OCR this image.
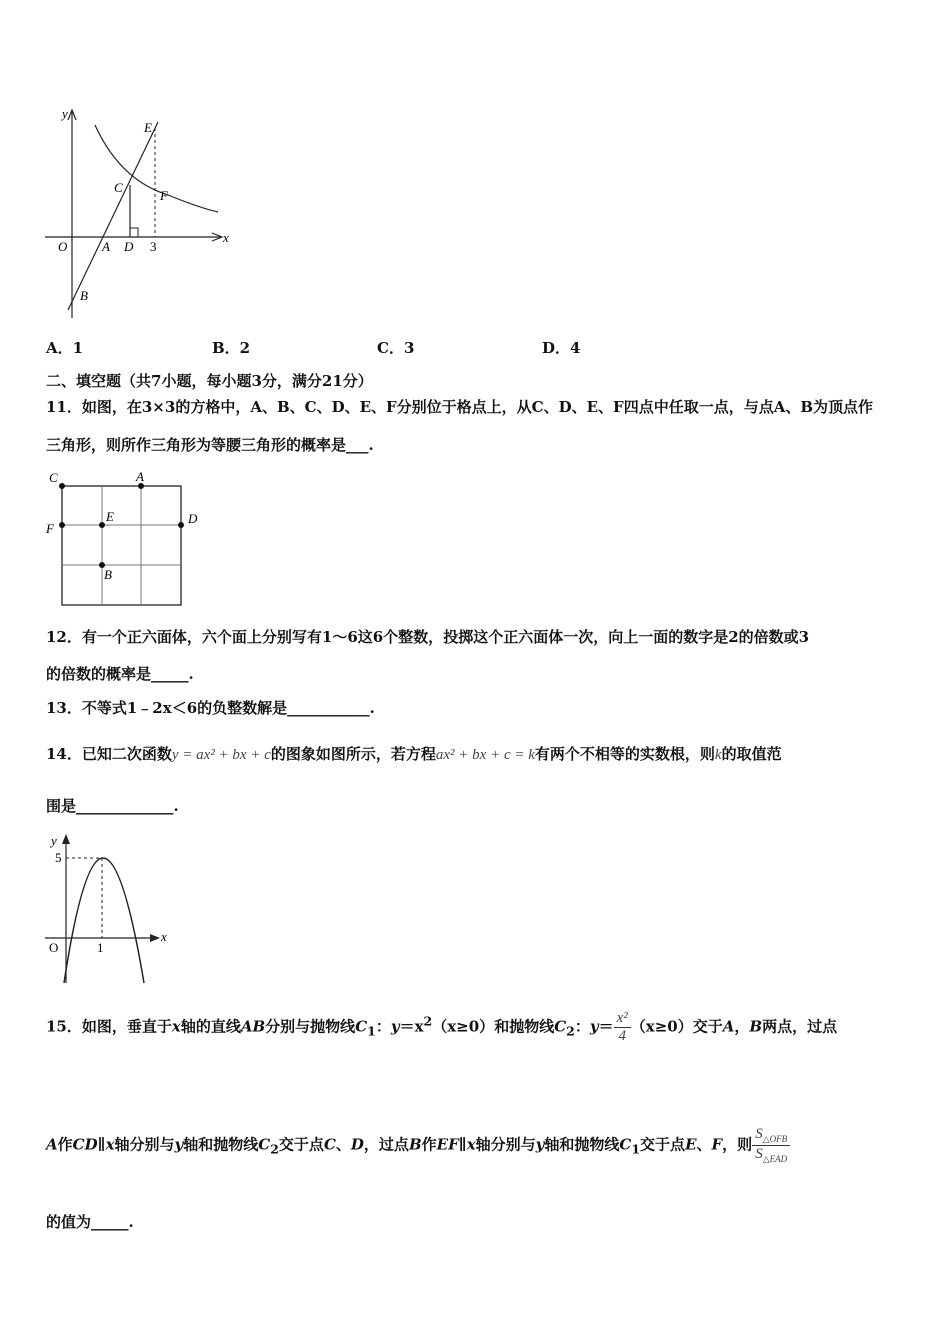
y
x
E
C
F
O	A D 3
B
A．1	B．2	C．3	D．4
二、填空题（共7小题，每小题3分，满分21分）
11．如图，在3×3的方格中，A、B、C、D、E、F分别位于格点上，从C、D、E、F四点中任取一点，与点A、B为顶点作
三角形，则所作三角形为等腰三角形的概率是___.
C	A
F
E	D
B
12．有一个正六面体，六个面上分别写有1～6这6个整数，投掷这个正六面体一次，向上一面的数字是2的倍数或3
的倍数的概率是_____.
13．不等式1﹣2x＜6的负整数解是___________.
14．已知二次函数y = ax² + bx + c的图象如图所示，若方程ax² + bx + c = k有两个不相等的实数根，则k的取值范
围是_____________.
y
x
5
O	1
15．如图，垂直于x轴的直线AB分别与抛物线$C_1$：$y=x^2(x\ge 0)$和抛物线$C_2$：$y= \frac{\text{x²}}{4} (x\ge 0)$交于A，B两点，过点
A作CD∥x轴分别与y轴和抛物线$C_2$交于点C、D，过点B作EF∥x轴分别与y轴和抛物线$C_1$交于点E、F，则 $\frac{S_{\triangle OFB}}{S_{\triangle EAD}}$
的值为_____.
